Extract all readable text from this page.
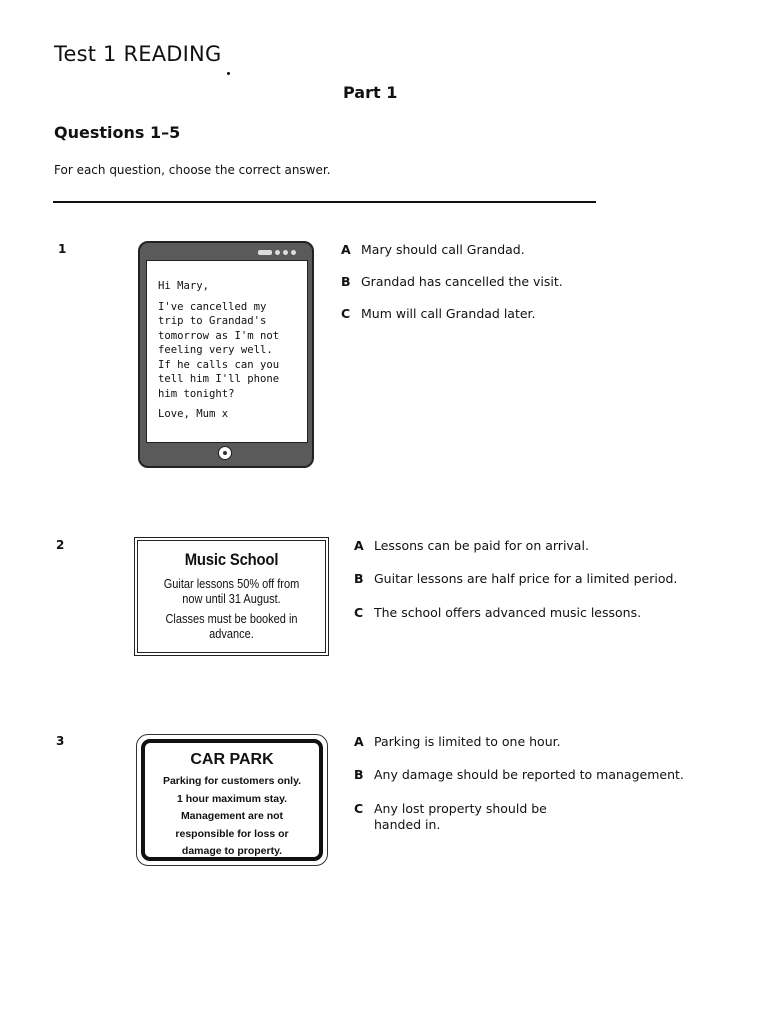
Test 1 READING
Part 1
Questions 1–5
For each question, choose the correct answer.
1

Hi Mary,

I've cancelled my
trip to Grandad's
tomorrow as I'm not
feeling very well.
If he calls can you
tell him I'll phone
him tonight?

Love, Mum x

A Mary should call Grandad.
B Grandad has cancelled the visit.
C Mum will call Grandad later.
2
Music School
Guitar lessons 50% off from now until 31 August.
Classes must be booked in advance.
A Lessons can be paid for on arrival.
B Guitar lessons are half price for a limited period.
C The school offers advanced music lessons.
3
CAR PARK
Parking for customers only.
1 hour maximum stay.
Management are not
responsible for loss or
damage to property.
A Parking is limited to one hour.
B Any damage should be reported to management.
C Any lost property should be
handed in.
